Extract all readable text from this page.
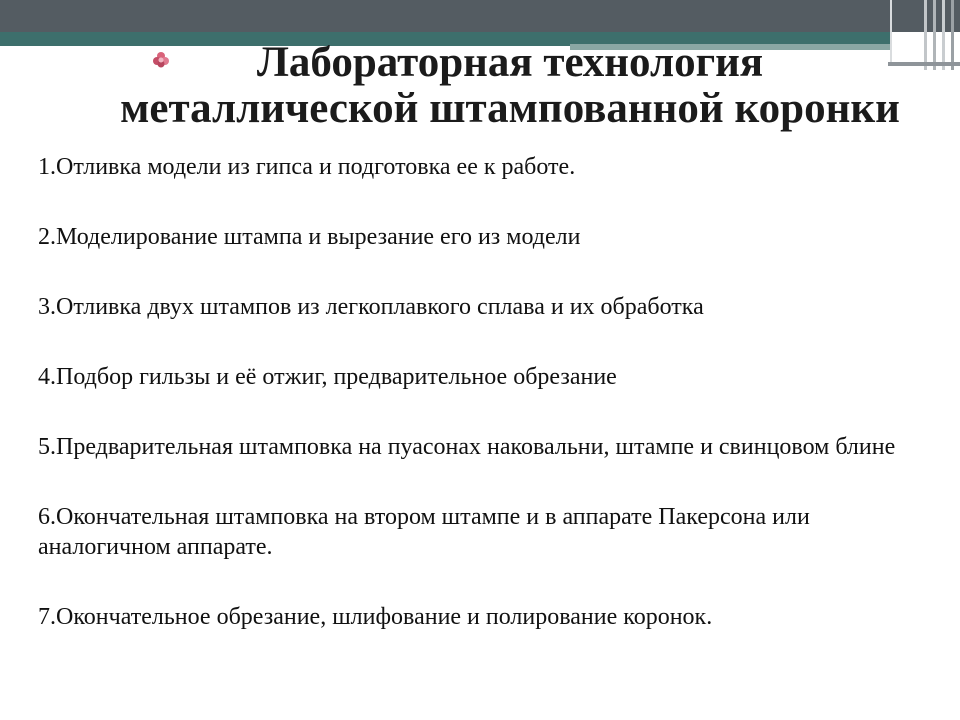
Лабораторная технология металлической штампованной коронки

1.Отливка модели из гипса и подготовка ее к работе.

2.Моделирование штампа и вырезание его из модели

3.Отливка двух штампов из легкоплавкого сплава и их обработка

4.Подбор гильзы и её отжиг, предварительное обрезание

5.Предварительная штамповка на пуасонах наковальни, штампе и свинцовом блине

6.Окончательная штамповка на втором штампе и в аппарате Пакерсона или аналогичном аппарате.

7.Окончательное обрезание, шлифование и полирование коронок.
